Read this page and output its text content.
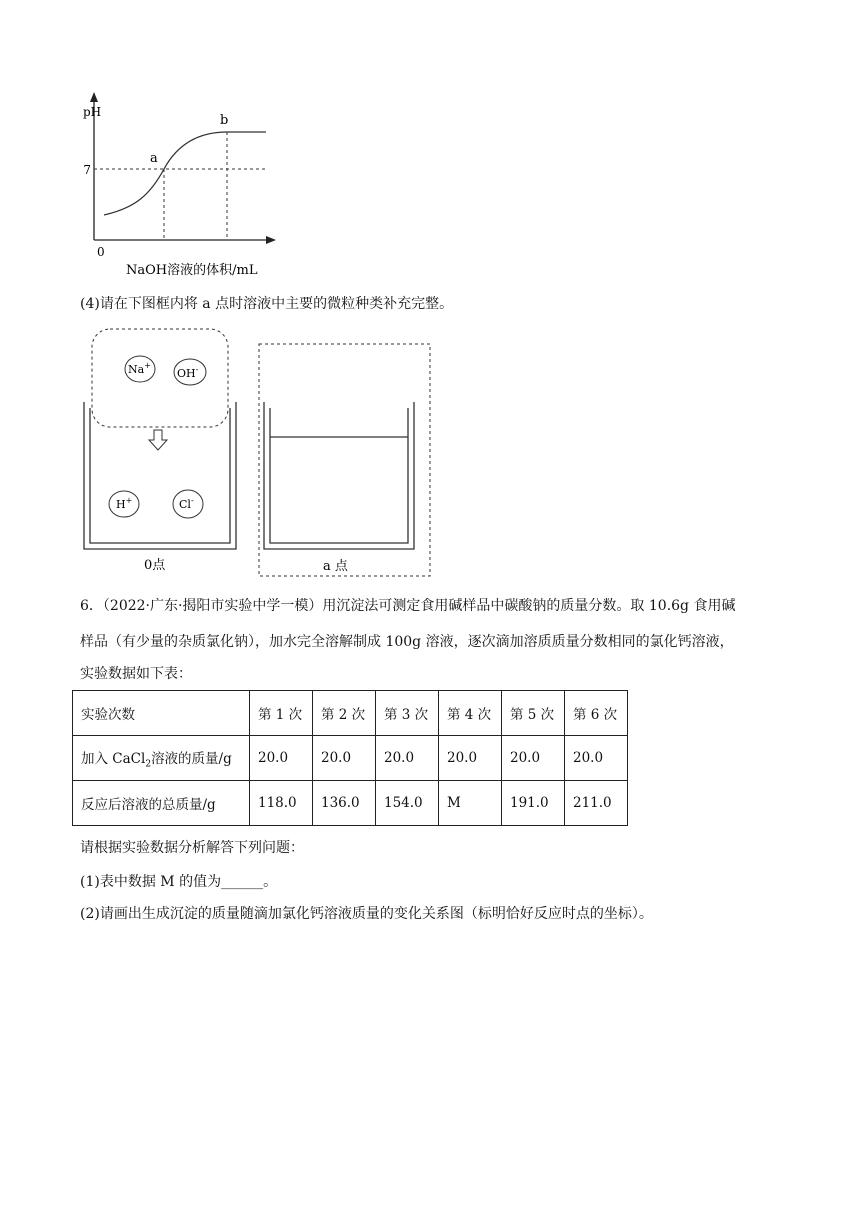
pH
7
0
a
b
NaOH溶液的体积/mL
(4)请在下图框内将 a 点时溶液中主要的微粒种类补充完整。
Na+
OH-
H+	Cl-
0点	a 点
6．（2022·广东·揭阳市实验中学一模）用沉淀法可测定食用碱样品中碳酸钠的质量分数。取 10.6g 食用碱
样品（有少量的杂质氯化钠），加水完全溶解制成 100g 溶液，逐次滴加溶质质量分数相同的氯化钙溶液，
实验数据如下表：
实验次数	第 1 次	第 2 次	第 3 次	第 4 次	第 5 次	第 6 次
加入 CaCl$_2$溶液的质量/g	20.0	20.0	20.0	20.0	20.0	20.0
反应后溶液的总质量/g	118.0	136.0	154.0	M	191.0	211.0
请根据实验数据分析解答下列问题：
(1)表中数据 M 的值为______。
(2)请画出生成沉淀的质量随滴加氯化钙溶液质量的变化关系图（标明恰好反应时点的坐标）。
